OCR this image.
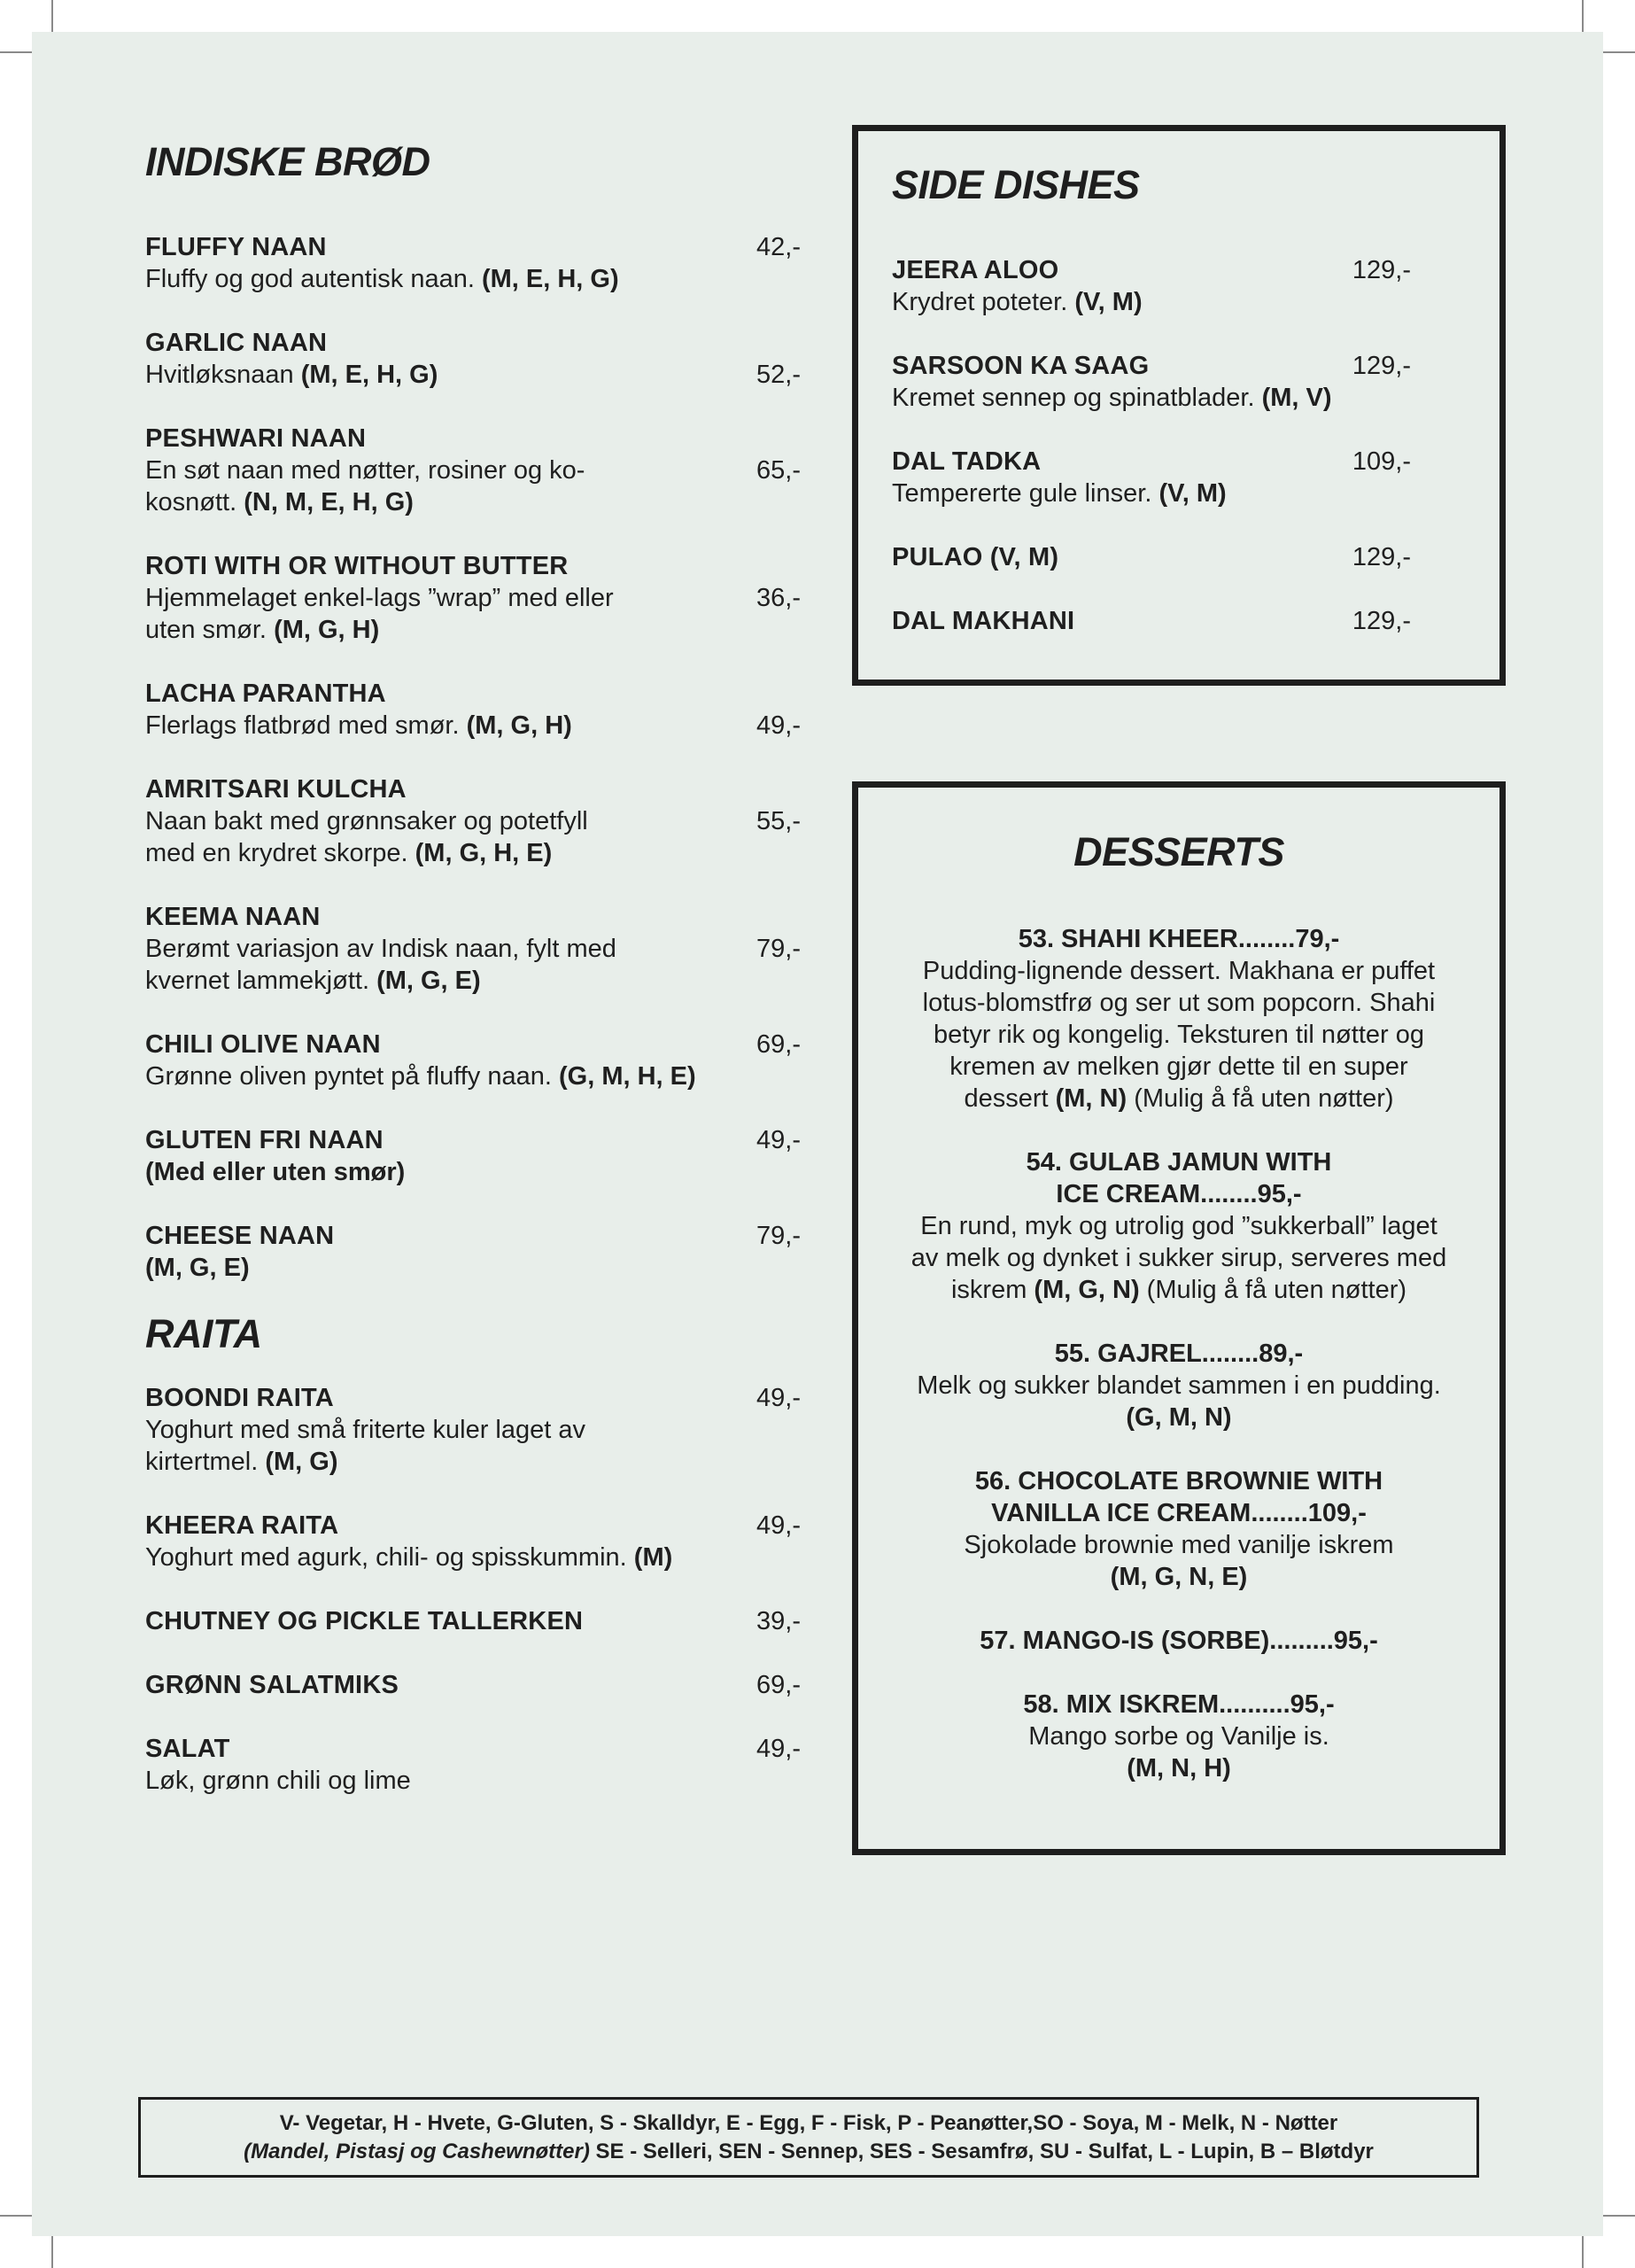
INDISKE BRØD
FLUFFY NAAN	42,-
Fluffy og god autentisk naan. (M, E, H, G)
GARLIC NAAN
Hvitløksnaan (M, E, H, G)	52,-
PESHWARI NAAN
En søt naan med nøtter, rosiner og ko-	65,-
kosnøtt. (N, M, E, H, G)
ROTI WITH OR WITHOUT BUTTER
Hjemmelaget enkel-lags ”wrap” med eller	36,-
uten smør. (M, G, H)
LACHA PARANTHA
Flerlags flatbrød med smør. (M, G, H)	49,-
AMRITSARI KULCHA
Naan bakt med grønnsaker og potetfyll	55,-
med en krydret skorpe. (M, G, H, E)
KEEMA NAAN
Berømt variasjon av Indisk naan, fylt med	79,-
kvernet lammekjøtt. (M, G, E)
CHILI OLIVE NAAN	69,-
Grønne oliven pyntet på fluffy naan. (G, M, H, E)
GLUTEN FRI NAAN	49,-
(Med eller uten smør)
CHEESE NAAN	79,-
(M, G, E)
RAITA
BOONDI RAITA	49,-
Yoghurt med små friterte kuler laget av
kirtertmel. (M, G)
KHEERA RAITA	49,-
Yoghurt med agurk, chili- og spisskummin. (M)
CHUTNEY OG PICKLE TALLERKEN	39,-
GRØNN SALATMIKS	69,-
SALAT	49,-
Løk, grønn chili og lime
SIDE DISHES
JEERA ALOO	129,-
Krydret poteter. (V, M)
SARSOON KA SAAG	129,-
Kremet sennep og spinatblader. (M, V)
DAL TADKA	109,-
Tempererte gule linser. (V, M)
PULAO (V, M)	129,-
DAL MAKHANI	129,-
DESSERTS
53. SHAHI KHEER........79,-
Pudding-lignende dessert. Makhana er puffet
lotus-blomstfrø og ser ut som popcorn. Shahi
betyr rik og kongelig. Teksturen til nøtter og
kremen av melken gjør dette til en super
dessert (M, N) (Mulig å få uten nøtter)
54. GULAB JAMUN WITH
ICE CREAM........95,-
En rund, myk og utrolig god ”sukkerball” laget
av melk og dynket i sukker sirup, serveres med
iskrem (M, G, N) (Mulig å få uten nøtter)
55. GAJREL........89,-
Melk og sukker blandet sammen i en pudding.
(G, M, N)
56. CHOCOLATE BROWNIE WITH
VANILLA ICE CREAM........109,-
Sjokolade brownie med vanilje iskrem
(M, G, N, E)
57. MANGO-IS (SORBE).........95,-
58. MIX ISKREM..........95,-
Mango sorbe og Vanilje is.
(M, N, H)
V- Vegetar, H - Hvete, G-Gluten, S - Skalldyr, E - Egg, F - Fisk, P - Peanøtter,SO - Soya, M - Melk, N - Nøtter
(Mandel, Pistasj og Cashewnøtter) SE - Selleri, SEN - Sennep, SES - Sesamfrø, SU - Sulfat, L - Lupin, B – Bløtdyr
